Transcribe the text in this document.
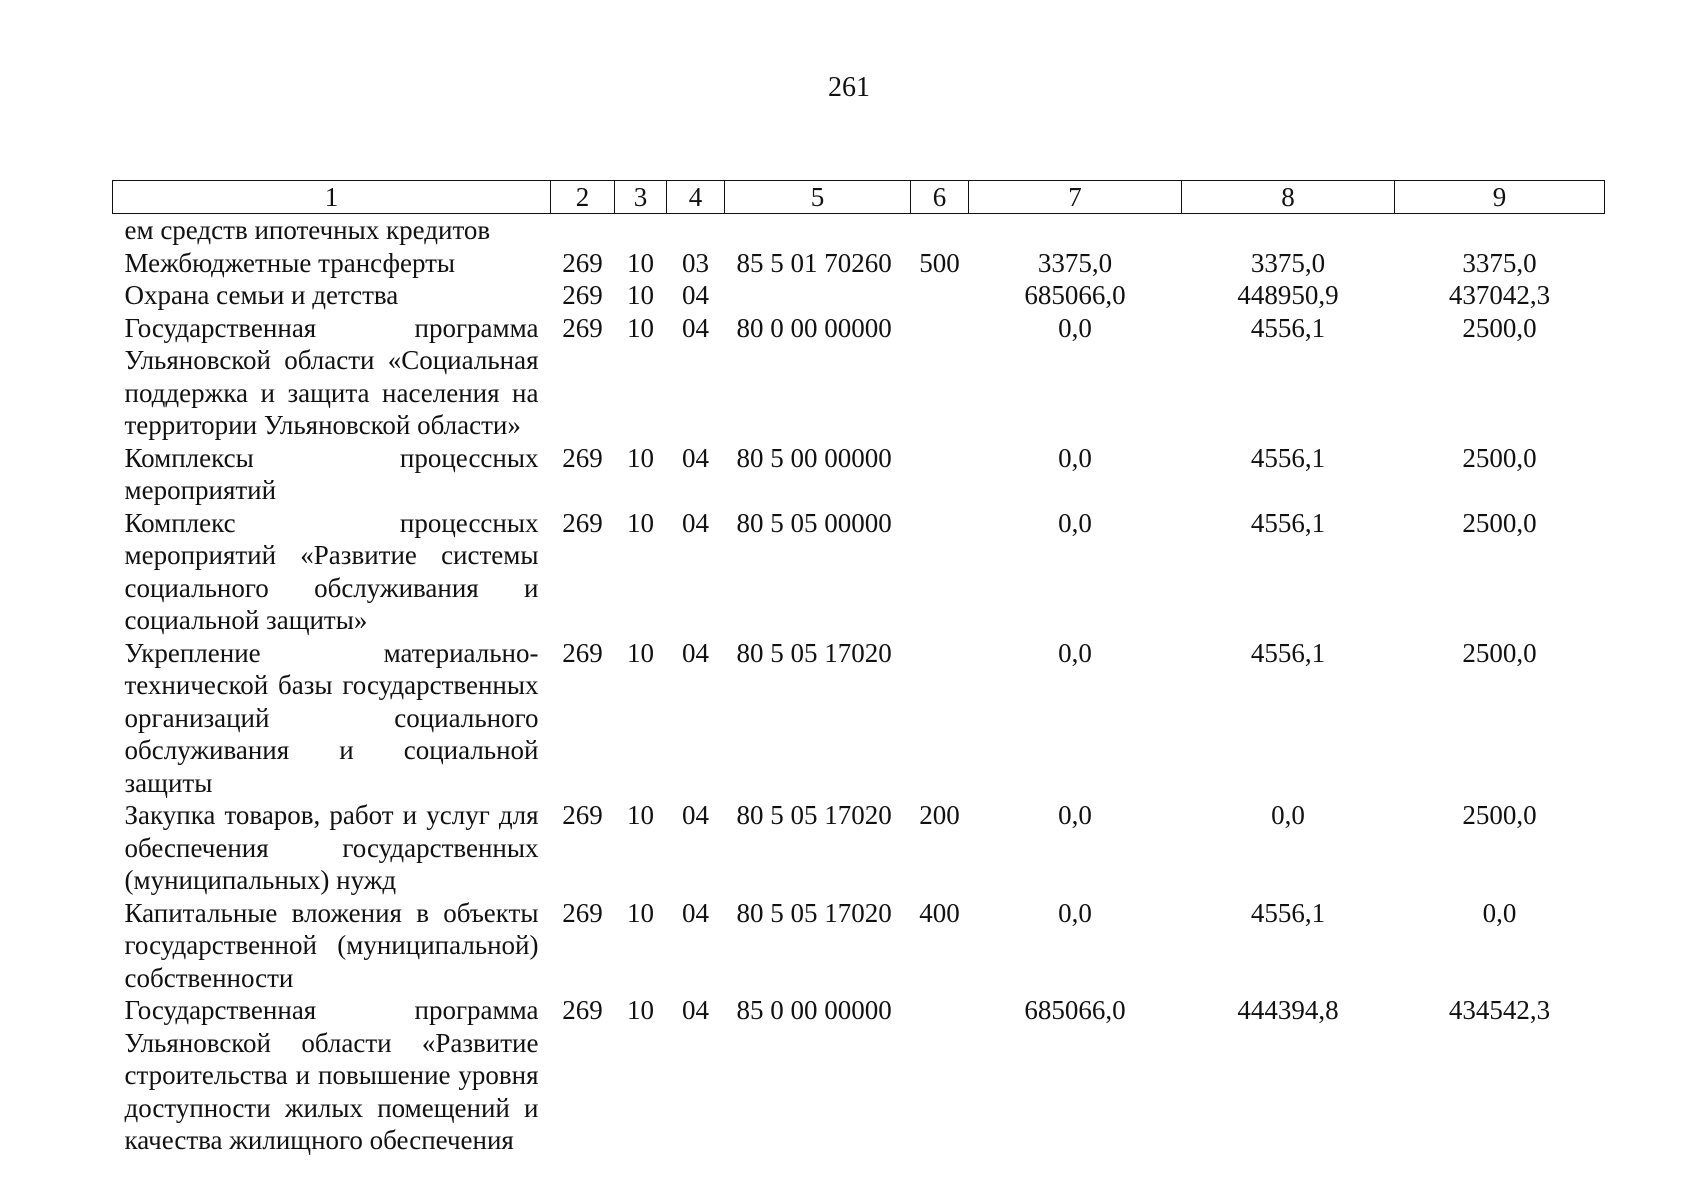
261
1	2	3	4	5	6	7	8	9
ем средств ипотечных кредитов								
Межбюджетные трансферты	269	10	03	85 5 01 70260	500	3375,0	3375,0	3375,0
Охрана семьи и детства	269	10	04			685066,0	448950,9	437042,3
Государственная программа Ульяновской области «Социальная поддержка и защита населения на территории Ульяновской области»	269	10	04	80 0 00 00000		0,0	4556,1	2500,0
Комплексы процессных мероприятий	269	10	04	80 5 00 00000		0,0	4556,1	2500,0
Комплекс процессных мероприятий «Развитие системы социального обслуживания и социальной защиты»	269	10	04	80 5 05 00000		0,0	4556,1	2500,0
Укрепление материально-технической базы государственных организаций социального обслуживания и социальной защиты	269	10	04	80 5 05 17020		0,0	4556,1	2500,0
Закупка товаров, работ и услуг для обеспечения государственных (муниципальных) нужд	269	10	04	80 5 05 17020	200	0,0	0,0	2500,0
Капитальные вложения в объекты государственной (муниципальной) собственности	269	10	04	80 5 05 17020	400	0,0	4556,1	0,0
Государственная программа Ульяновской области «Развитие строительства и повышение уровня доступности жилых помещений и качества жилищного обеспечения	269	10	04	85 0 00 00000		685066,0	444394,8	434542,3
